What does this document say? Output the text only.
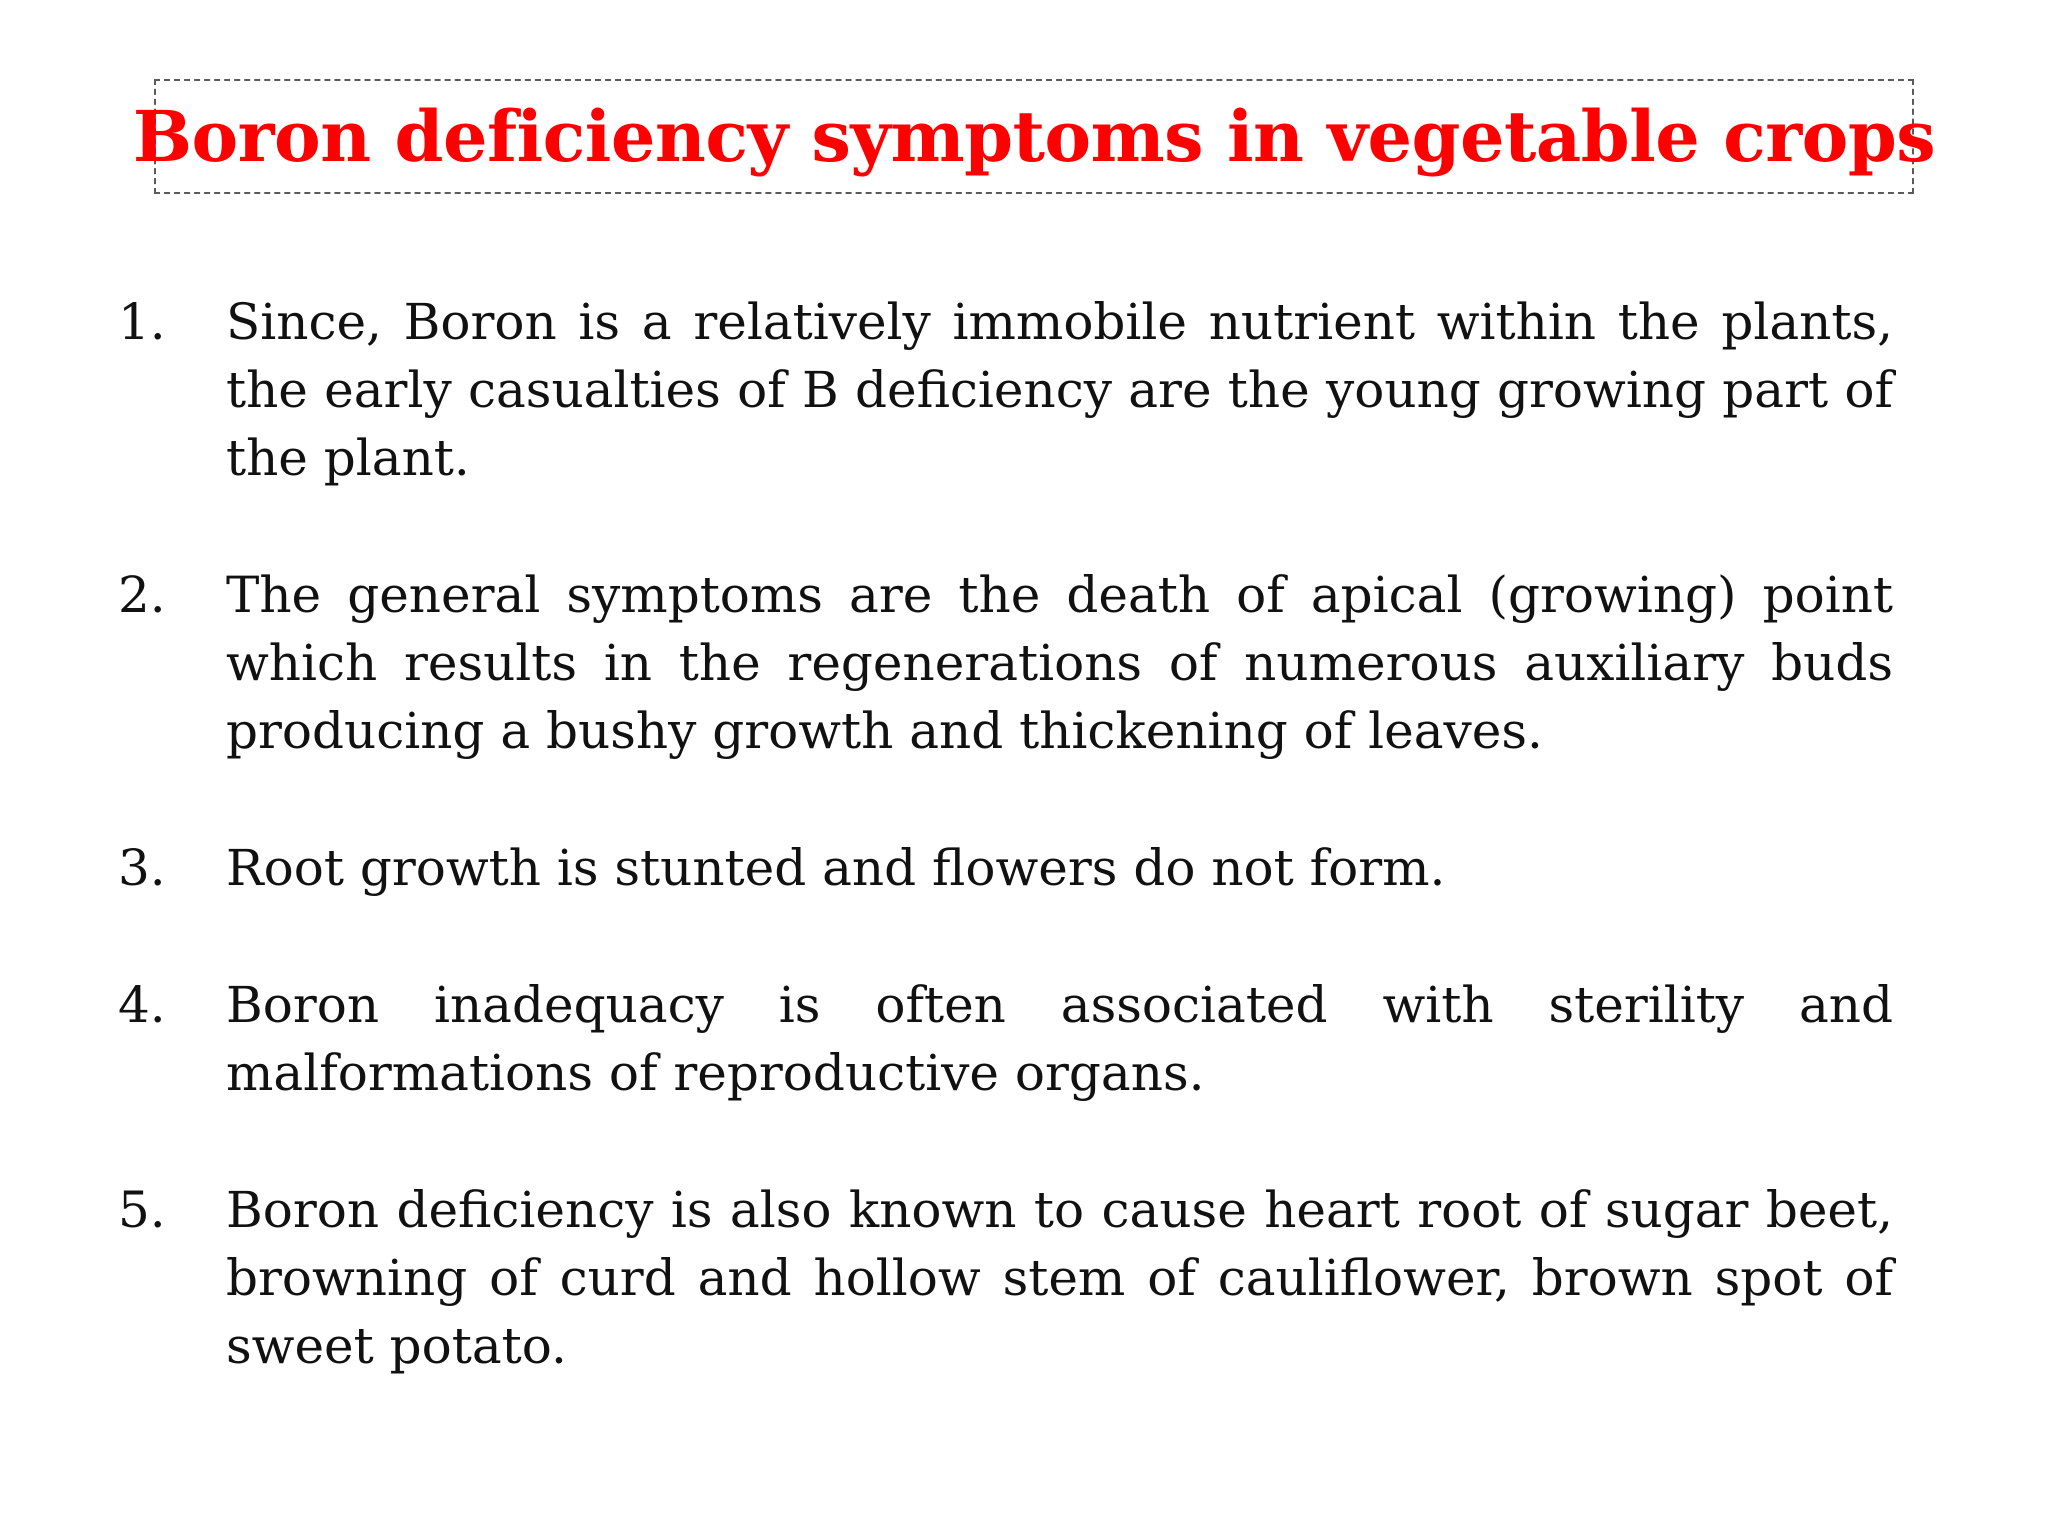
Boron deficiency symptoms in vegetable crops
1.	Since, Boron is a relatively immobile nutrient within the plants, the early casualties of B deficiency are the young growing part of the plant.
2.	The general symptoms are the death of apical (growing) point which results in the regenerations of numerous auxiliary buds producing a bushy growth and thickening of leaves.
3.	Root growth is stunted and flowers do not form.
4.	Boron inadequacy is often associated with sterility and malformations of reproductive organs.
5.	Boron deficiency is also known to cause heart root of sugar beet, browning of curd and hollow stem of cauliflower, brown spot of sweet potato.
